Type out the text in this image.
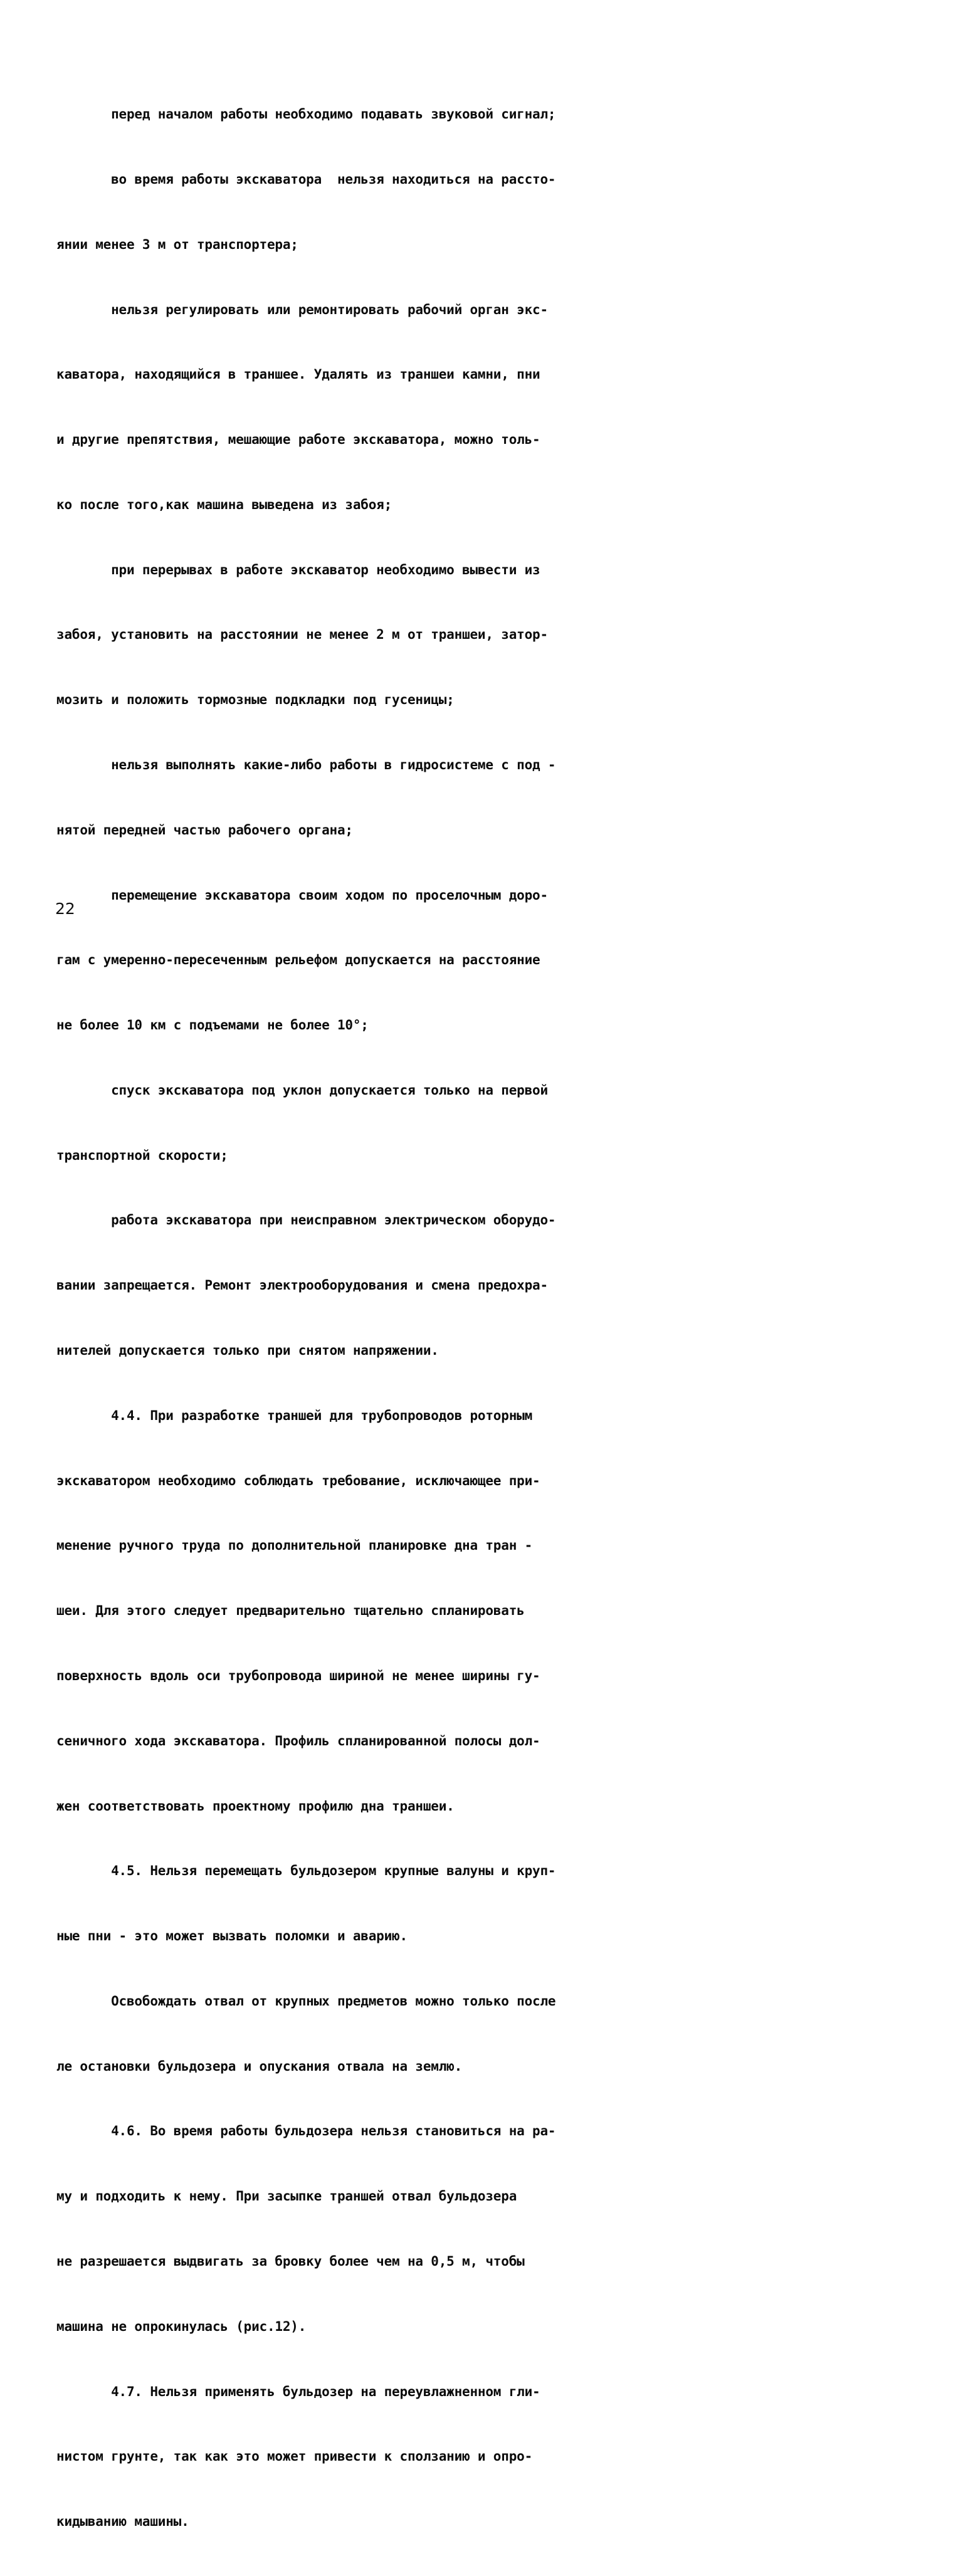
перед началом работы необходимо подавать звуковой сигнал;

во время работы экскаватора  нельзя находиться на рассто-

янии менее 3 м от транспортера;

нельзя регулировать или ремонтировать рабочий орган экс-

каватора, находящийся в траншее. Удалять из траншеи камни, пни

и другие препятствия, мешающие работе экскаватора, можно толь-

ко после того,как машина выведена из забоя;

при перерывах в работе экскаватор необходимо вывести из

забоя, установить на расстоянии не менее 2 м от траншеи, затор-

мозить и положить тормозные подкладки под гусеницы;

нельзя выполнять какие-либо работы в гидросистеме с под -

нятой передней частью рабочего органа;

перемещение экскаватора своим ходом по проселочным доро-

гам с умеренно-пересеченным рельефом допускается на расстояние

не более 10 км с подъемами не более 10°;

спуск экскаватора под уклон допускается только на первой

транспортной скорости;

работа экскаватора при неисправном электрическом оборудо-

вании запрещается. Ремонт электрооборудования и смена предохра-

нителей допускается только при снятом напряжении.

4.4. При разработке траншей для трубопроводов роторным

экскаватором необходимо соблюдать требование, исключающее при-

менение ручного труда по дополнительной планировке дна тран -

шеи. Для этого следует предварительно тщательно спланировать

поверхность вдоль оси трубопровода шириной не менее ширины гу-

сеничного хода экскаватора. Профиль спланированной полосы дол-

жен соответствовать проектному профилю дна траншеи.

4.5. Нельзя перемещать бульдозером крупные валуны и круп-

ные пни - это может вызвать поломки и аварию.

Освобождать отвал от крупных предметов можно только после

ле остановки бульдозера и опускания отвала на землю.

4.6. Во время работы бульдозера нельзя становиться на ра-

му и подходить к нему. При засыпке траншей отвал бульдозера

не разрешается выдвигать за бровку более чем на 0,5 м, чтобы

машина не опрокинулась (рис.12).

4.7. Нельзя применять бульдозер на переувлажненном гли-

нистом грунте, так как это может привести к сползанию и опро-

кидыванию машины.

22
